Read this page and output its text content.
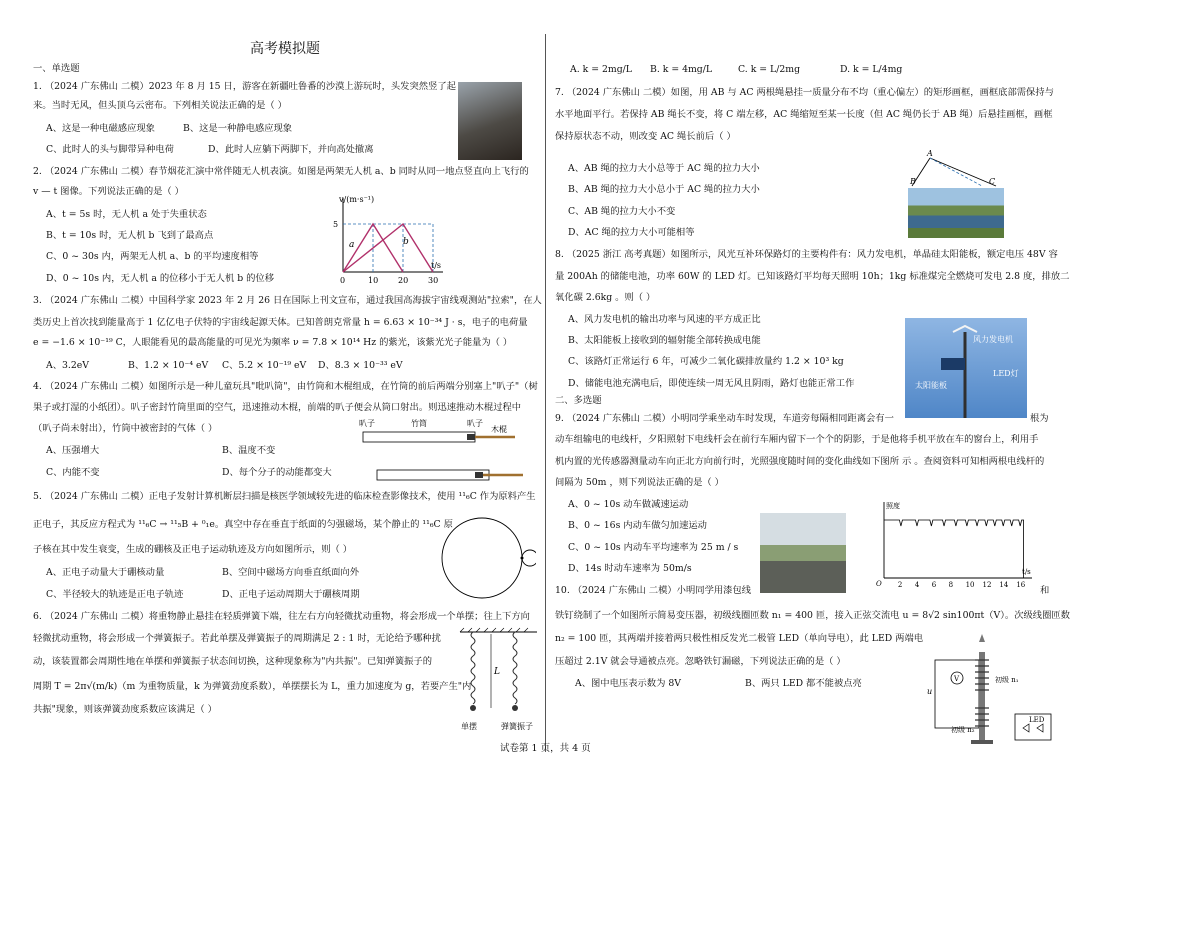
高考模拟题
一、单选题
1. （2024 广东佛山 二模）2023 年 8 月 15 日，游客在新疆吐鲁番的沙漠上游玩时，头发突然竖了起
来。当时无风，但头顶乌云密布。下列相关说法正确的是（ ）
A、这是一种电磁感应现象	B、这是一种静电感应现象
C、此时人的头与脚带异种电荷	D、此时人应躺下两脚下，并向高处撤离
2. （2024 广东佛山 二模）春节烟花汇演中常伴随无人机表演。如图是两架无人机 a、b 同时从同一地点竖直向上飞行的
v — t 图像。下列说法正确的是（ ）
A、t = 5s 时，无人机 a 处于失重状态
B、t = 10s 时，无人机 b 飞到了最高点
C、0 ~ 30s 内，两架无人机 a、b 的平均速度相等
D、0 ~ 10s 内，无人机 a 的位移小于无人机 b 的位移
v/(m·s⁻¹)
t/s
5
0	10 20 30
a	b
3. （2024 广东佛山 二模）中国科学家 2023 年 2 月 26 日在国际上刊文宣布，通过我国高海拔宇宙线观测站"拉索"，在人
类历史上首次找到能量高于 1 亿亿电子伏特的宇宙线起源天体。已知普朗克常量 h = 6.63 × 10⁻³⁴ J · s，电子的电荷量
e = −1.6 × 10⁻¹⁹ C，人眼能看见的最高能量的可见光为频率 ν = 7.8 × 10¹⁴ Hz 的紫光，该紫光光子能量为（ ）
A、3.2eV	B、1.2 × 10⁻⁴ eV C、5.2 × 10⁻¹⁹ eV D、8.3 × 10⁻³³ eV
4. （2024 广东佛山 二模）如图所示是一种儿童玩具"吡叭筒"，由竹筒和木棍组成，在竹筒的前后两端分别塞上"叭子"（树
果子或打湿的小纸团）。叭子密封竹筒里面的空气，迅速推动木棍，前端的叭子便会从筒口射出。则迅速推动木棍过程中
（叭子尚未射出），竹筒中被密封的气体（ ）
A、压强增大	B、温度不变
C、内能不变	D、每个分子的动能都变大
叭子	竹筒	叭子
木棍
5. （2024 广东佛山 二模）正电子发射计算机断层扫描是核医学领域较先进的临床检查影像技术，使用 ¹¹₆C 作为原料产生
正电子，其反应方程式为 ¹¹₆C → ¹¹₅B + ⁰₁e。真空中存在垂直于纸面的匀强磁场，某个静止的 ¹¹₆C 原
子核在其中发生衰变，生成的硼核及正电子运动轨迹及方向如图所示，则（ ）
A、正电子动量大于硼核动量	B、空间中磁场方向垂直纸面向外
C、半径较大的轨迹是正电子轨迹	D、正电子运动周期大于硼核周期
6. （2024 广东佛山 二模）将重物静止悬挂在轻质弹簧下端，往左右方向轻微扰动重物，将会形成一个单摆；往上下方向
轻微扰动重物，将会形成一个弹簧振子。若此单摆及弹簧振子的周期满足 2 : 1 时，无论给予哪种扰
动，该装置都会周期性地在单摆和弹簧振子状态间切换，这种现象称为"内共振"。已知弹簧振子的
周期 T = 2π√(m/k)（m 为重物质量，k 为弹簧劲度系数），单摆摆长为 L，重力加速度为 g，若要产生"内
共振"现象，则该弹簧劲度系数应该满足（ ）
L
单摆	弹簧振子
A. k = 2mg/L B. k = 4mg/L	C. k = L/2mg	D. k = L/4mg
7. （2024 广东佛山 二模）如图，用 AB 与 AC 两根绳悬挂一质量分布不均（重心偏左）的矩形画框，画框底部需保持与
水平地面平行。若保持 AB 绳长不变，将 C 端左移，AC 绳缩短至某一长度（但 AC 绳仍长于 AB 绳）后悬挂画框，画框
保持原状态不动，则改变 AC 绳长前后（ ）
A、AB 绳的拉力大小总等于 AC 绳的拉力大小
B、AB 绳的拉力大小总小于 AC 绳的拉力大小
C、AB 绳的拉力大小不变
D、AC 绳的拉力大小可能相等
A
B	C
8. （2025 浙江 高考真题）如图所示，风光互补环保路灯的主要构件有：风力发电机，单晶硅太阳能板，额定电压 48V 容
量 200Ah 的储能电池，功率 60W 的 LED 灯。已知该路灯平均每天照明 10h；1kg 标准煤完全燃烧可发电 2.8 度，排放二
氧化碳 2.6kg 。则（ ）
A、风力发电机的输出功率与风速的平方成正比
B、太阳能板上接收到的辐射能全部转换成电能
C、该路灯正常运行 6 年，可减少二氧化碳排放量约 1.2 × 10³ kg
D、储能电池充满电后，即使连续一周无风且阴雨，路灯也能正常工作
风力发电机
LED灯
太阳能板
二、多选题
9. （2024 广东佛山 二模）小明同学乘坐动车时发现，车道旁每隔相同距离会有一	根为
动车组输电的电线杆，夕阳照射下电线杆会在前行车厢内留下一个个的阴影，于是他将手机平放在车的窗台上，利用手
机内置的光传感器测量动车向正北方向前行时，光照强度随时间的变化曲线如下图所 示 。查阅资料可知相两根电线杆的
间隔为 50m ，则下列说法正确的是（ ）
A、0 ~ 10s 动车做减速运动
B、0 ~ 16s 内动车做匀加速运动
C、0 ~ 10s 内动车平均速率为 25 m / s
D、14s 时动车速率为 50m/s
照度
t/s
O 2 4 6 8 10 12 14 16
10. （2024 广东佛山 二模）小明同学用漆包线	和
铁钉绕制了一个如图所示简易变压器，初级线圈匝数 n₁ = 400 匝，接入正弦交流电 u = 8√2 sin100πt（V）。次级线圈匝数
n₂ = 100 匝，其两端并接着两只极性相反发光二极管 LED（单向导电），此 LED 两端电
压超过 2.1V 就会导通被点亮。忽略铁钉漏磁，下列说法正确的是（ ）
A、图中电压表示数为 8V	B、两只 LED 都不能被点亮
u
V	初级 n₁
初级 n₂
LED
试卷第 1 页，共 4 页
